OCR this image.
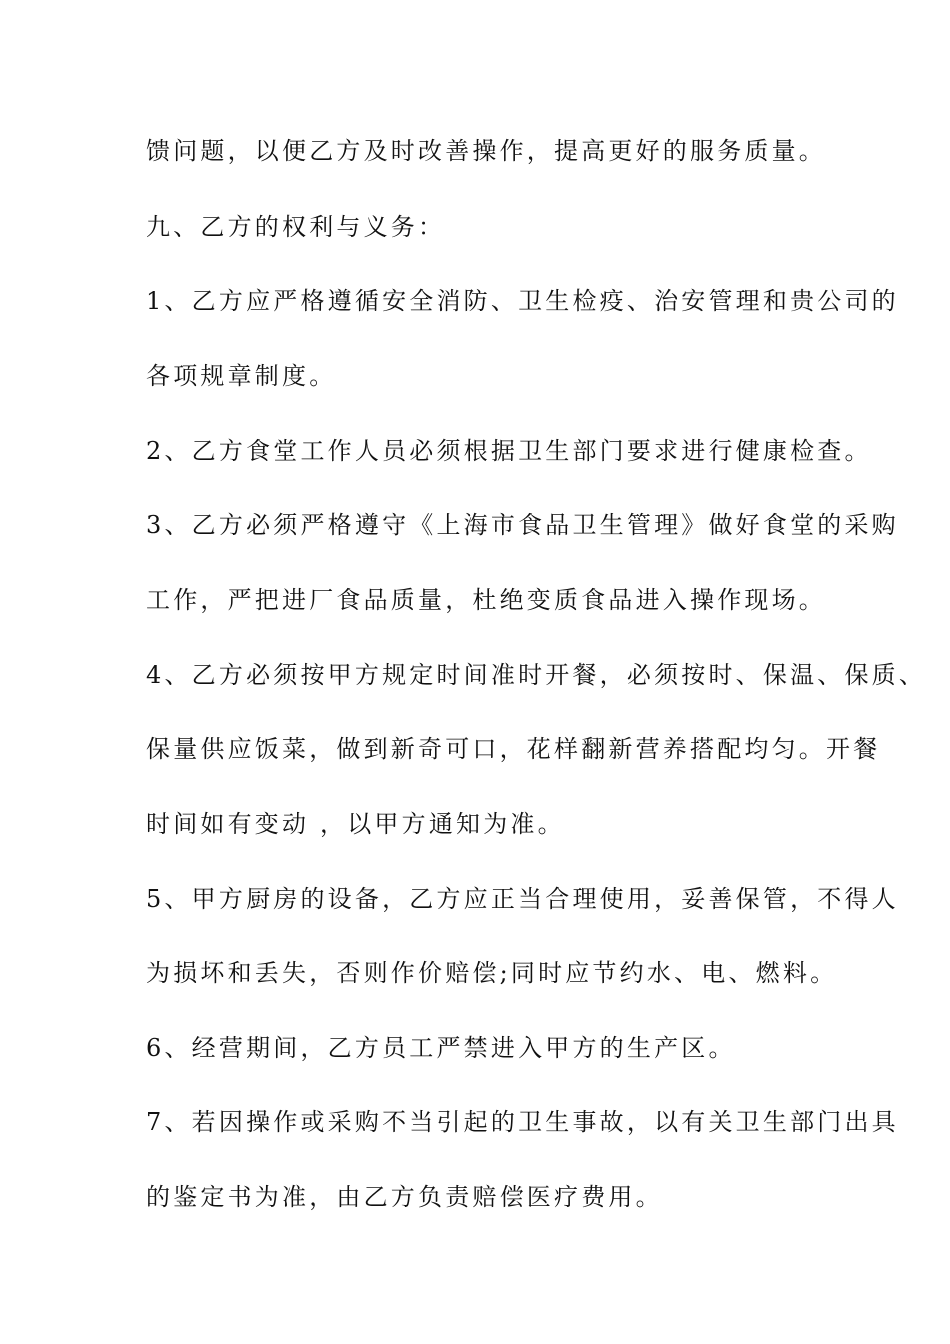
馈问题，以便乙方及时改善操作，提高更好的服务质量。
九、乙方的权利与义务：
1、乙方应严格遵循安全消防、卫生检疫、治安管理和贵公司的
各项规章制度。
2、乙方食堂工作人员必须根据卫生部门要求进行健康检查。
3、乙方必须严格遵守《上海市食品卫生管理》做好食堂的采购
工作，严把进厂食品质量，杜绝变质食品进入操作现场。
4、乙方必须按甲方规定时间准时开餐，必须按时、保温、保质、
保量供应饭菜，做到新奇可口，花样翻新营养搭配均匀。开餐
时间如有变动 ，以甲方通知为准。
5、甲方厨房的设备，乙方应正当合理使用，妥善保管，不得人
为损坏和丢失，否则作价赔偿;同时应节约水、电、燃料。
6、经营期间，乙方员工严禁进入甲方的生产区。
7、若因操作或采购不当引起的卫生事故，以有关卫生部门出具
的鉴定书为准，由乙方负责赔偿医疗费用。
